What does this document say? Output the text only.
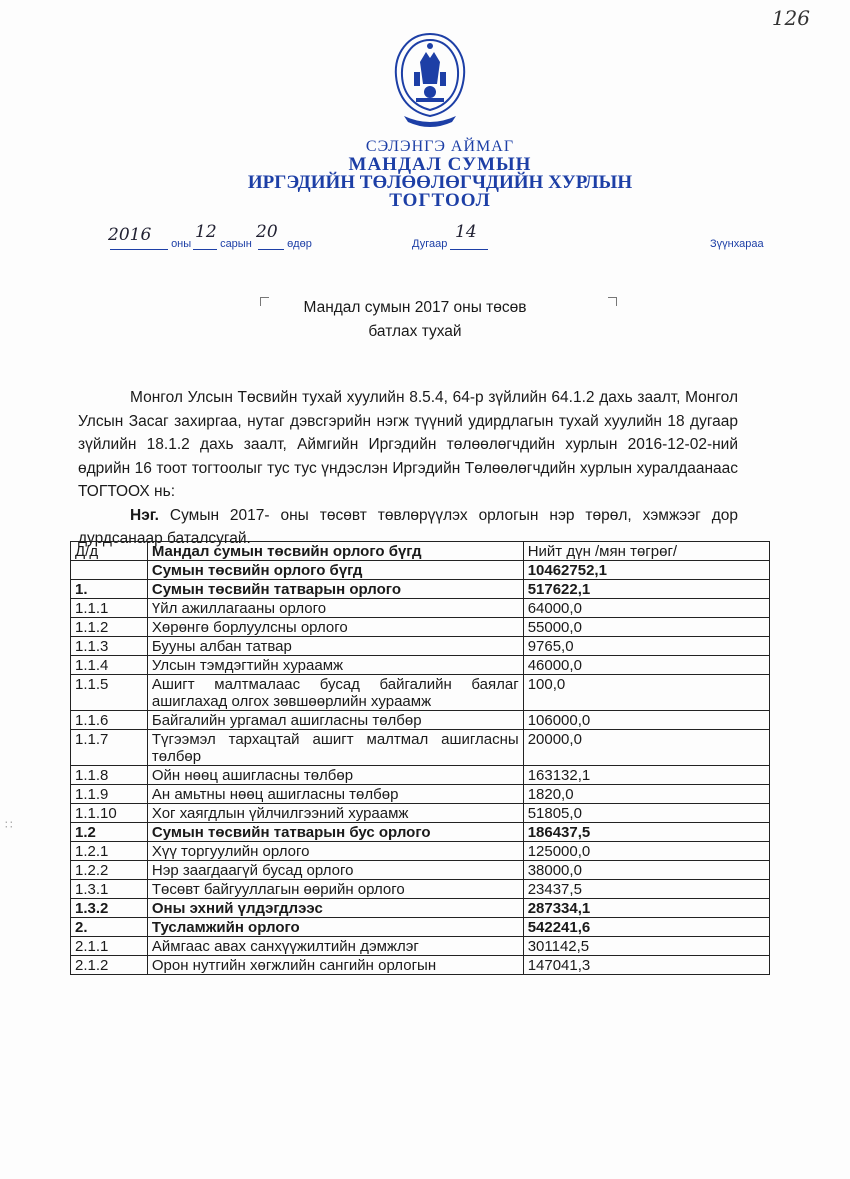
126
СЭЛЭНГЭ АЙМАГ
МАНДАЛ СУМЫН
ИРГЭДИЙН ТӨЛӨӨЛӨГЧДИЙН ХУРЛЫН
ТОГТООЛ
2016	оны
12
сарын
20
өдөр	Дугаар
14
Зүүнхараа
Мандал сумын 2017 оны төсөв
батлах тухай

Монгол Улсын Төсвийн тухай хуулийн 8.5.4, 64-р зүйлийн 64.1.2 дахь заалт, Монгол Улсын Засаг захиргаа, нутаг дэвсгэрийн нэгж түүний удирдлагын тухай хуулийн 18 дугаар зүйлийн 18.1.2 дахь заалт, Аймгийн Иргэдийн төлөөлөгчдийн хурлын 2016-12-02-ний өдрийн 16 тоот тогтоолыг тус тус үндэслэн Иргэдийн Төлөөлөгчдийн хурлын хуралдаанаас ТОГТООХ нь:

Нэг. Сумын 2017- оны төсөвт төвлөрүүлэх орлогын нэр төрөл, хэмжээг дор дурдсанаар баталсугай.

Д/д	Мандал сумын төсвийн орлого бүгд	Нийт дүн /мян төгрөг/
	Сумын төсвийн орлого бүгд	10462752,1
1.	Сумын төсвийн татварын орлого	517622,1
1.1.1	Үйл ажиллагааны орлого	64000,0
1.1.2	Хөрөнгө борлуулсны орлого	55000,0
1.1.3	Бууны албан татвар	9765,0
1.1.4	Улсын тэмдэгтийн хураамж	46000,0
1.1.5	Ашигт малтмалаас бусад байгалийн баялаг ашиглахад олгох зөвшөөрлийн хураамж	100,0
1.1.6	Байгалийн ургамал ашигласны төлбөр	106000,0
1.1.7	Түгээмэл тархацтай ашигт малтмал ашигласны төлбөр	20000,0
1.1.8	Ойн нөөц ашигласны төлбөр	163132,1
1.1.9	Ан амьтны нөөц ашигласны төлбөр	1820,0
1.1.10	Хог хаягдлын үйлчилгээний хураамж	51805,0
1.2	Сумын төсвийн татварын бус орлого	186437,5
1.2.1	Хүү торгуулийн орлого	125000,0
1.2.2	Нэр заагдаагүй бусад орлого	38000,0
1.3.1	Төсөвт байгууллагын өөрийн орлого	23437,5
1.3.2	Оны эхний үлдэгдлээс	287334,1
2.	Тусламжийн орлого	542241,6
2.1.1	Аймгаас авах санхүүжилтийн дэмжлэг	301142,5
2.1.2	Орон нутгийн хөгжлийн сангийн орлогын	147041,3
∷
